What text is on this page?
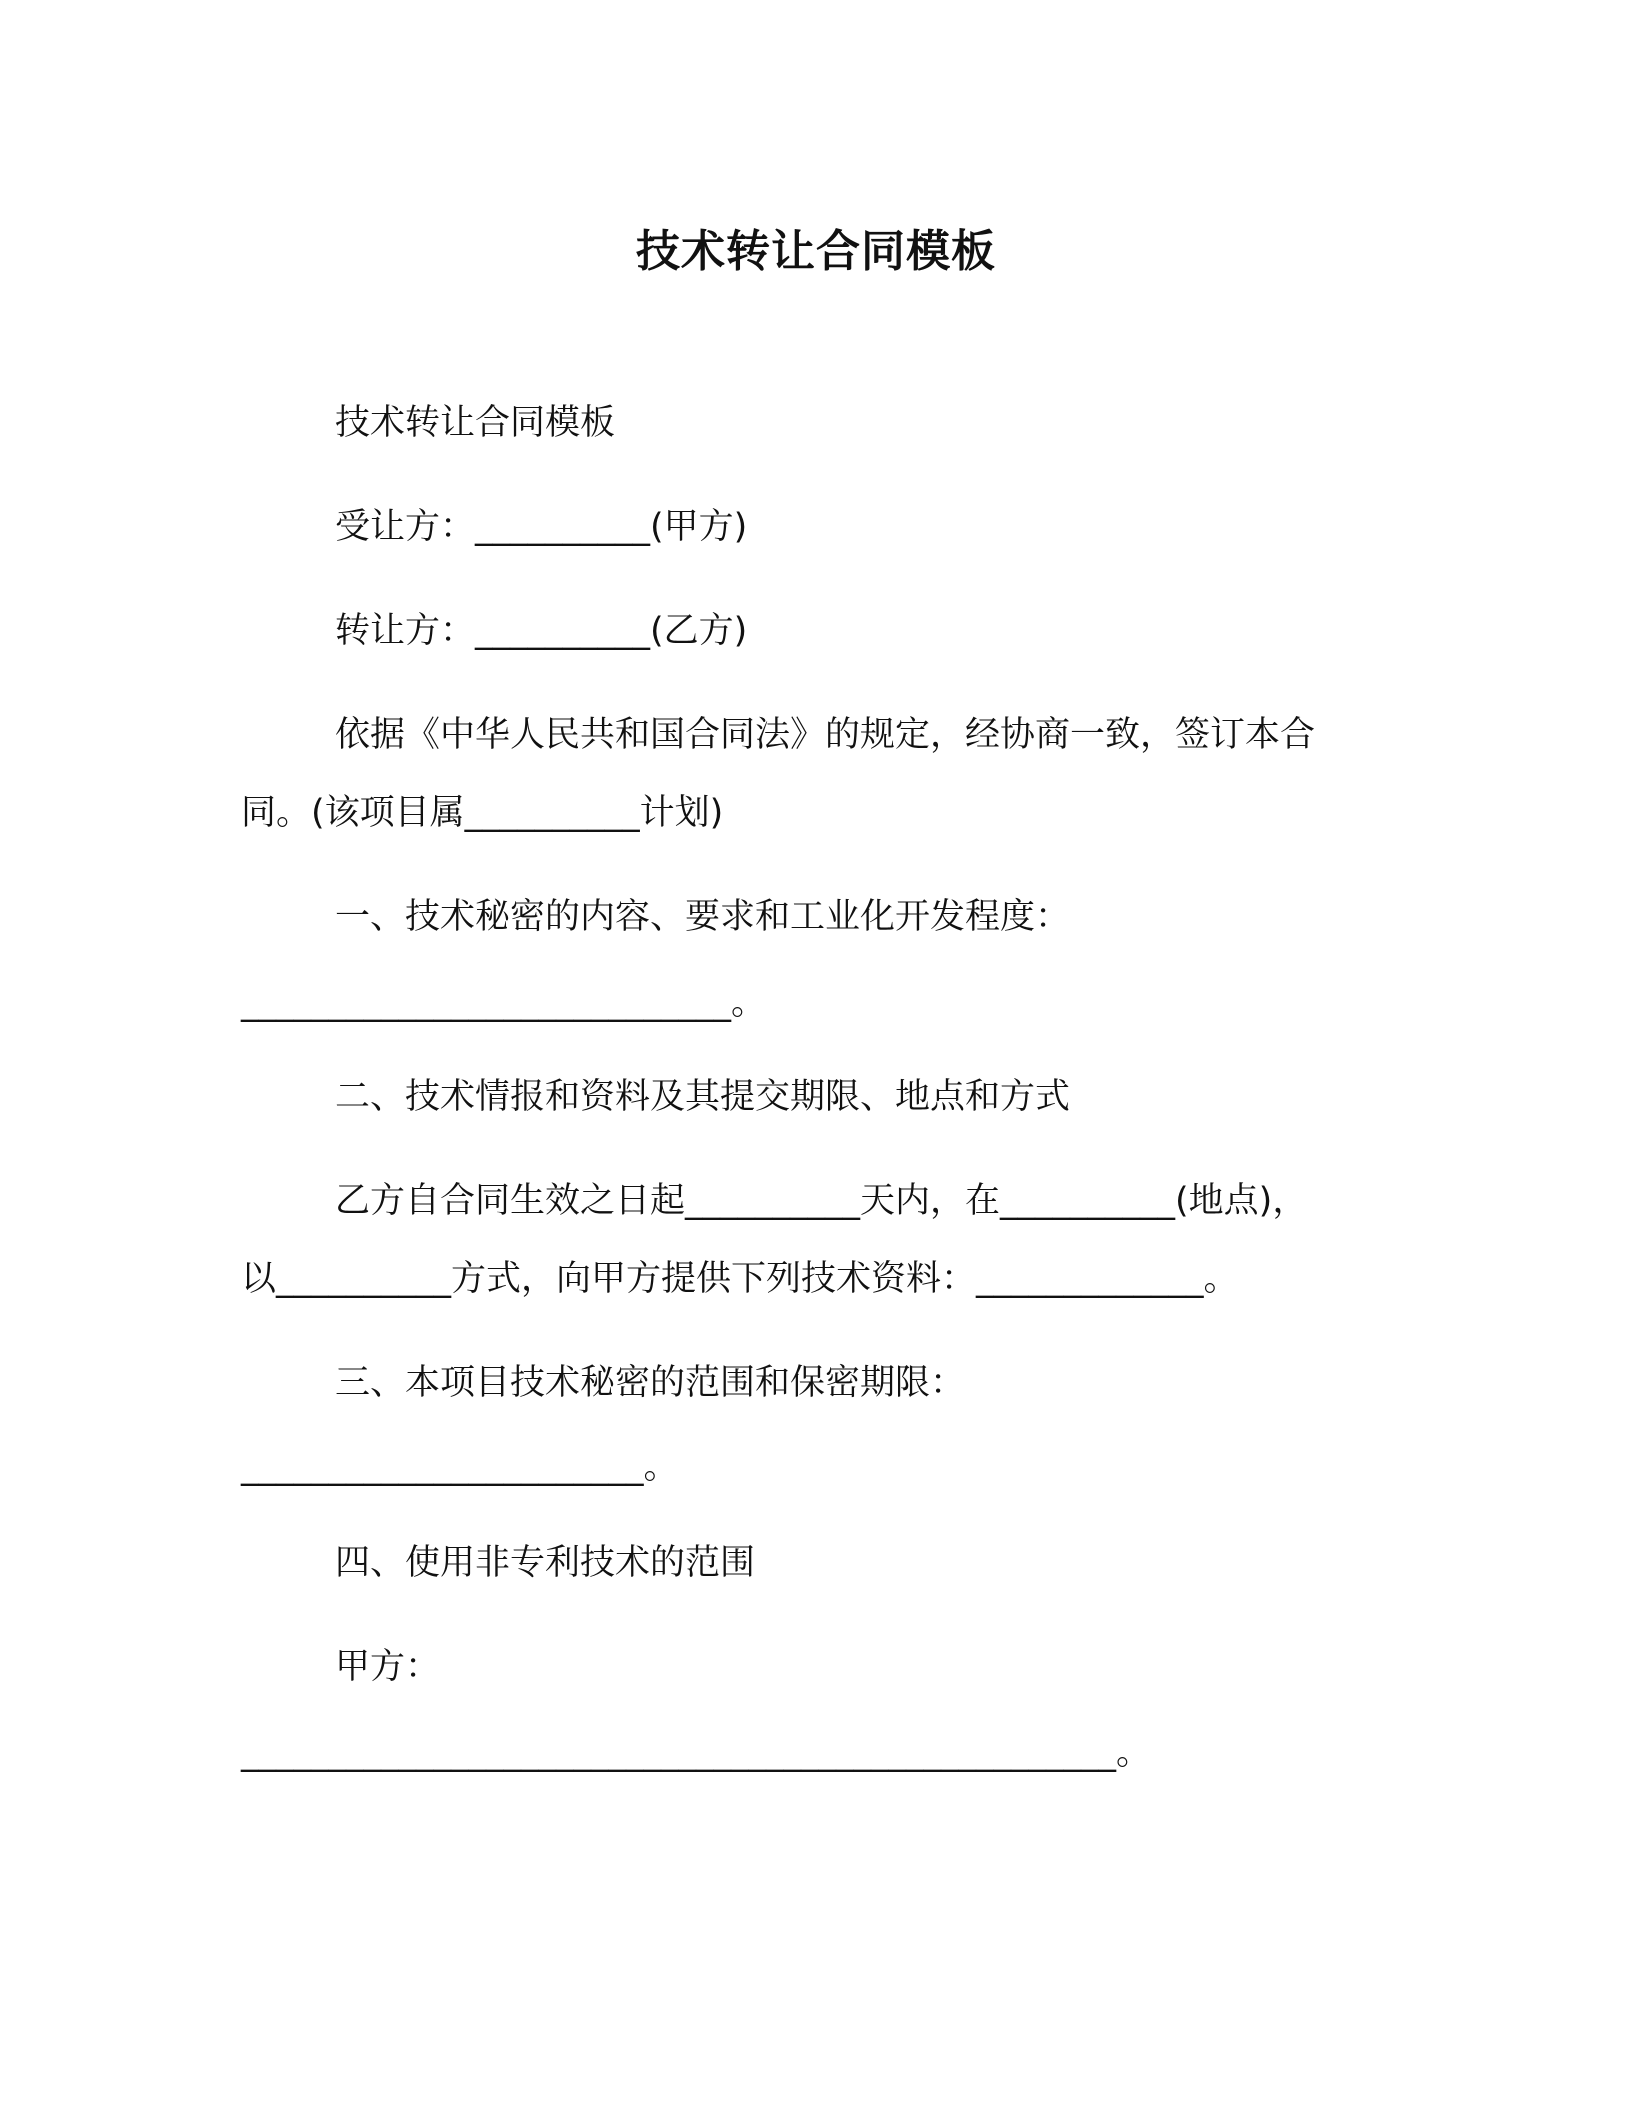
技术转让合同模板
技术转让合同模板
受让方：__________(甲方)
转让方：__________(乙方)
依据《中华人民共和国合同法》的规定，经协商一致，签订本合
同。(该项目属__________计划)
一、技术秘密的内容、要求和工业化开发程度：
____________________________。
二、技术情报和资料及其提交期限、地点和方式
乙方自合同生效之日起__________天内，在__________(地点)，
以__________方式，向甲方提供下列技术资料：_____________。
三、本项目技术秘密的范围和保密期限：
_______________________。
四、使用非专利技术的范围
甲方：
__________________________________________________。
